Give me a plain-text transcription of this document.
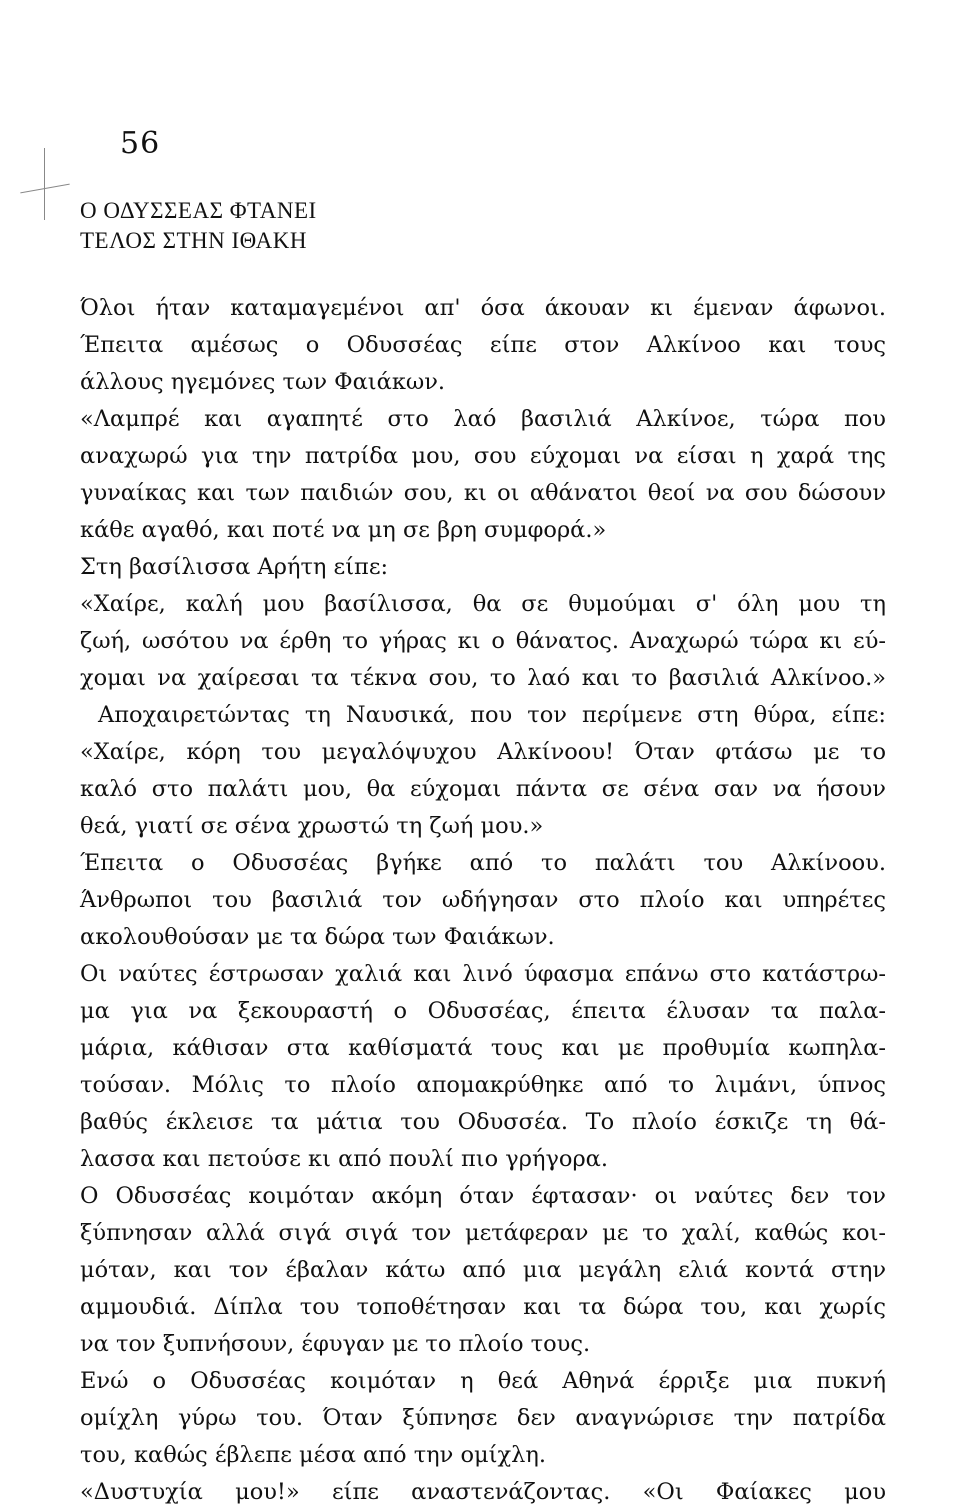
56
Ο ΟΔΥΣΣΕΑΣ ΦΤΑΝΕΙ
ΤΕΛΟΣ ΣΤΗΝ ΙΘΑΚΗ
Όλοι ήταν καταμαγεμένοι απ' όσα άκουαν κι έμεναν άφωνοι.
Έπειτα αμέσως ο Οδυσσέας είπε στον Αλκίνοο και τους
άλλους ηγεμόνες των Φαιάκων.
«Λαμπρέ και αγαπητέ στο λαό βασιλιά Αλκίνοε, τώρα που
αναχωρώ για την πατρίδα μου, σου εύχομαι να είσαι η χαρά της
γυναίκας και των παιδιών σου, κι οι αθάνατοι θεοί να σου δώσουν
κάθε αγαθό, και ποτέ να μη σε βρη συμφορά.»
Στη βασίλισσα Αρήτη είπε:
«Χαίρε, καλή μου βασίλισσα, θα σε θυμούμαι σ' όλη μου τη
ζωή, ωσότου να έρθη το γήρας κι ο θάνατος. Αναχωρώ τώρα κι εύ-
χομαι να χαίρεσαι τα τέκνα σου, το λαό και το βασιλιά Αλκίνοο.»
Αποχαιρετώντας τη Ναυσικά, που τον περίμενε στη θύρα, είπε:
«Χαίρε, κόρη του μεγαλόψυχου Αλκίνοου! Όταν φτάσω με το
καλό στο παλάτι μου, θα εύχομαι πάντα σε σένα σαν να ήσουν
θεά, γιατί σε σένα χρωστώ τη ζωή μου.»
Έπειτα ο Οδυσσέας βγήκε από το παλάτι του Αλκίνοου.
Άνθρωποι του βασιλιά τον ωδήγησαν στο πλοίο και υπηρέτες
ακολουθούσαν με τα δώρα των Φαιάκων.
Οι ναύτες έστρωσαν χαλιά και λινό ύφασμα επάνω στο κατάστρω-
μα για να ξεκουραστή ο Οδυσσέας, έπειτα έλυσαν τα παλα-
μάρια, κάθισαν στα καθίσματά τους και με προθυμία κωπηλα-
τούσαν. Μόλις το πλοίο απομακρύθηκε από το λιμάνι, ύπνος
βαθύς έκλεισε τα μάτια του Οδυσσέα. Το πλοίο έσκιζε τη θά-
λασσα και πετούσε κι από πουλί πιο γρήγορα.
Ο Οδυσσέας κοιμόταν ακόμη όταν έφτασαν· οι ναύτες δεν τον
ξύπνησαν αλλά σιγά σιγά τον μετάφεραν με το χαλί, καθώς κοι-
μόταν, και τον έβαλαν κάτω από μια μεγάλη ελιά κοντά στην
αμμουδιά. Δίπλα του τοποθέτησαν και τα δώρα του, και χωρίς
να τον ξυπνήσουν, έφυγαν με το πλοίο τους.
Ενώ ο Οδυσσέας κοιμόταν η θεά Αθηνά έρριξε μια πυκνή
ομίχλη γύρω του. Όταν ξύπνησε δεν αναγνώρισε την πατρίδα
του, καθώς έβλεπε μέσα από την ομίχλη.
«Δυστυχία μου!» είπε αναστενάζοντας. «Οι Φαίακες μου
